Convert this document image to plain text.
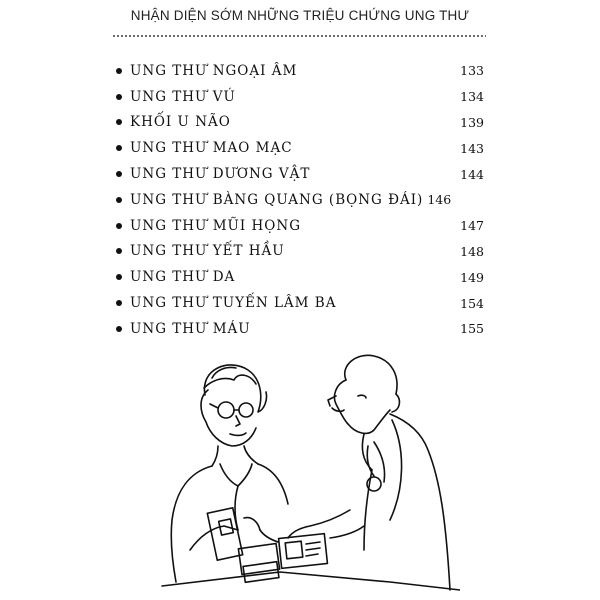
NHẬN DIỆN SỚM NHỮNG TRIỆU CHỨNG UNG THƯ
UNG THƯ NGOẠI ÂM	133
UNG THƯ VÚ	134
KHỐI U NÃO	139
UNG THƯ MAO MẠC	143
UNG THƯ DƯƠNG VẬT	144
UNG THƯ BÀNG QUANG (BỌNG ĐÁI) 146
UNG THƯ MŨI HỌNG	147
UNG THƯ YẾT HẦU	148
UNG THƯ DA	149
UNG THƯ TUYẾN LÂM BA	154
UNG THƯ MÁU	155
